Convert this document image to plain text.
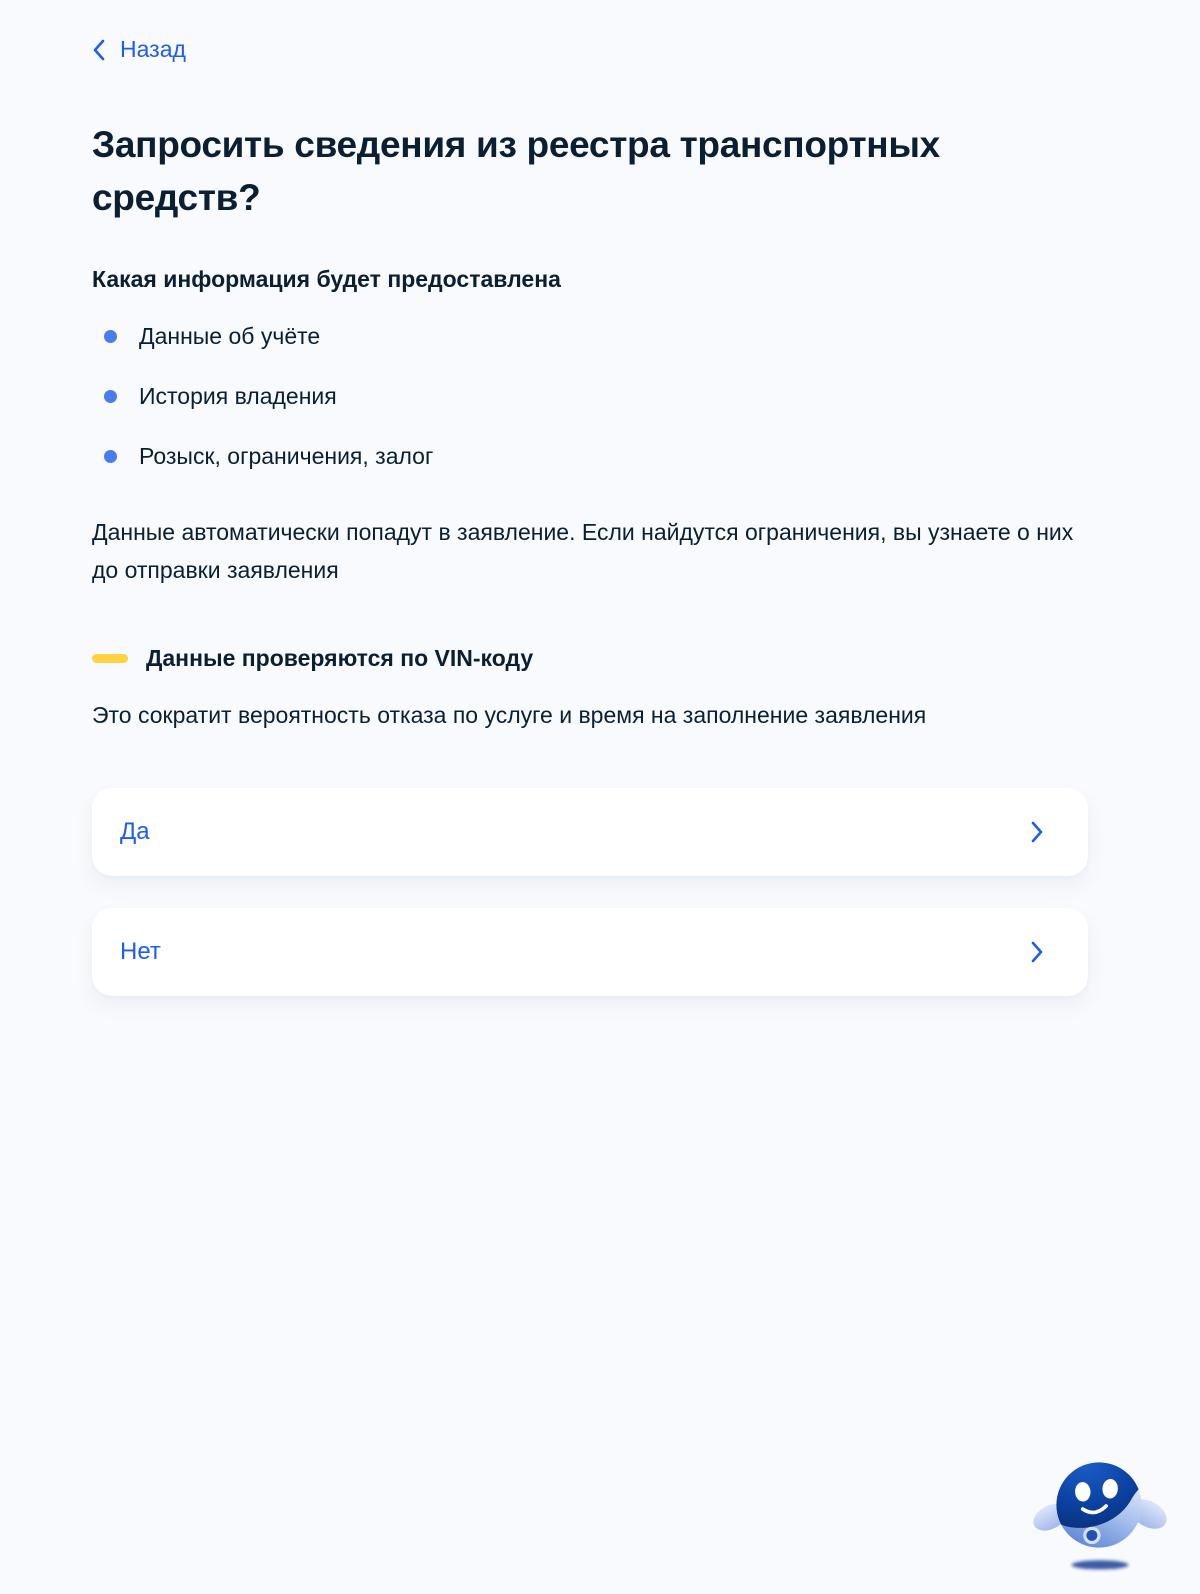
Назад
Запросить сведения из реестра транспортных средств?
Какая информация будет предоставлена
Данные об учёте
История владения
Розыск, ограничения, залог

Данные автоматически попадут в заявление. Если найдутся ограничения, вы узнаете о них до отправки заявления

Данные проверяются по VIN-коду

Это сократит вероятность отказа по услуге и время на заполнение заявления

Да
Нет
